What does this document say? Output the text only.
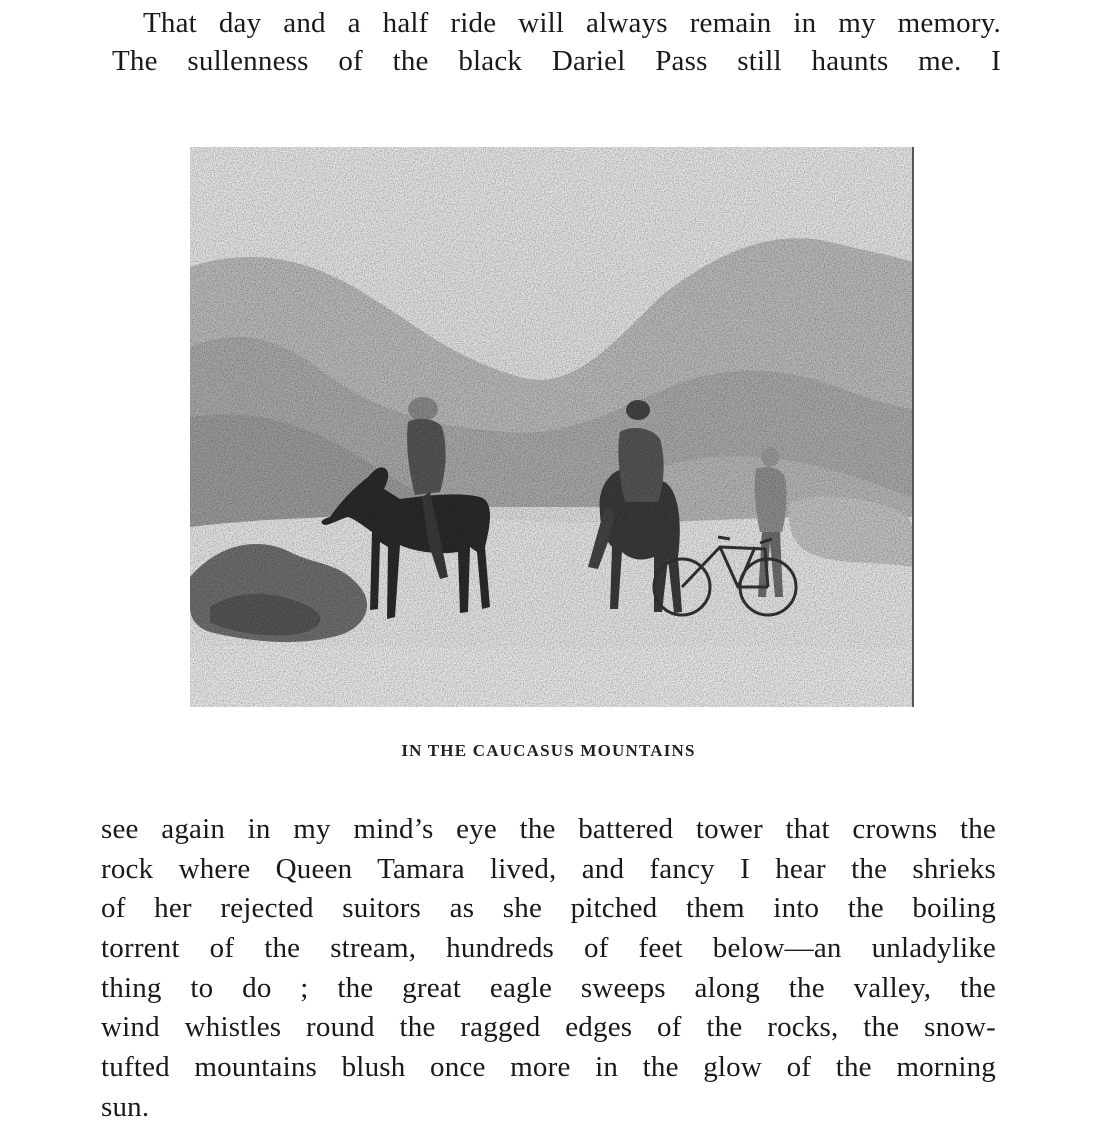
That day and a half ride will always remain in my memory.
The sullenness of the black Dariel Pass still haunts me. I
IN THE CAUCASUS MOUNTAINS
see again in my mind’s eye the battered tower that crowns the
rock where Queen Tamara lived, and fancy I hear the shrieks
of her rejected suitors as she pitched them into the boiling
torrent of the stream, hundreds of feet below—an unladylike
thing to do ; the great eagle sweeps along the valley, the
wind whistles round the ragged edges of the rocks, the snow-
tufted mountains blush once more in the glow of the morning
sun.
